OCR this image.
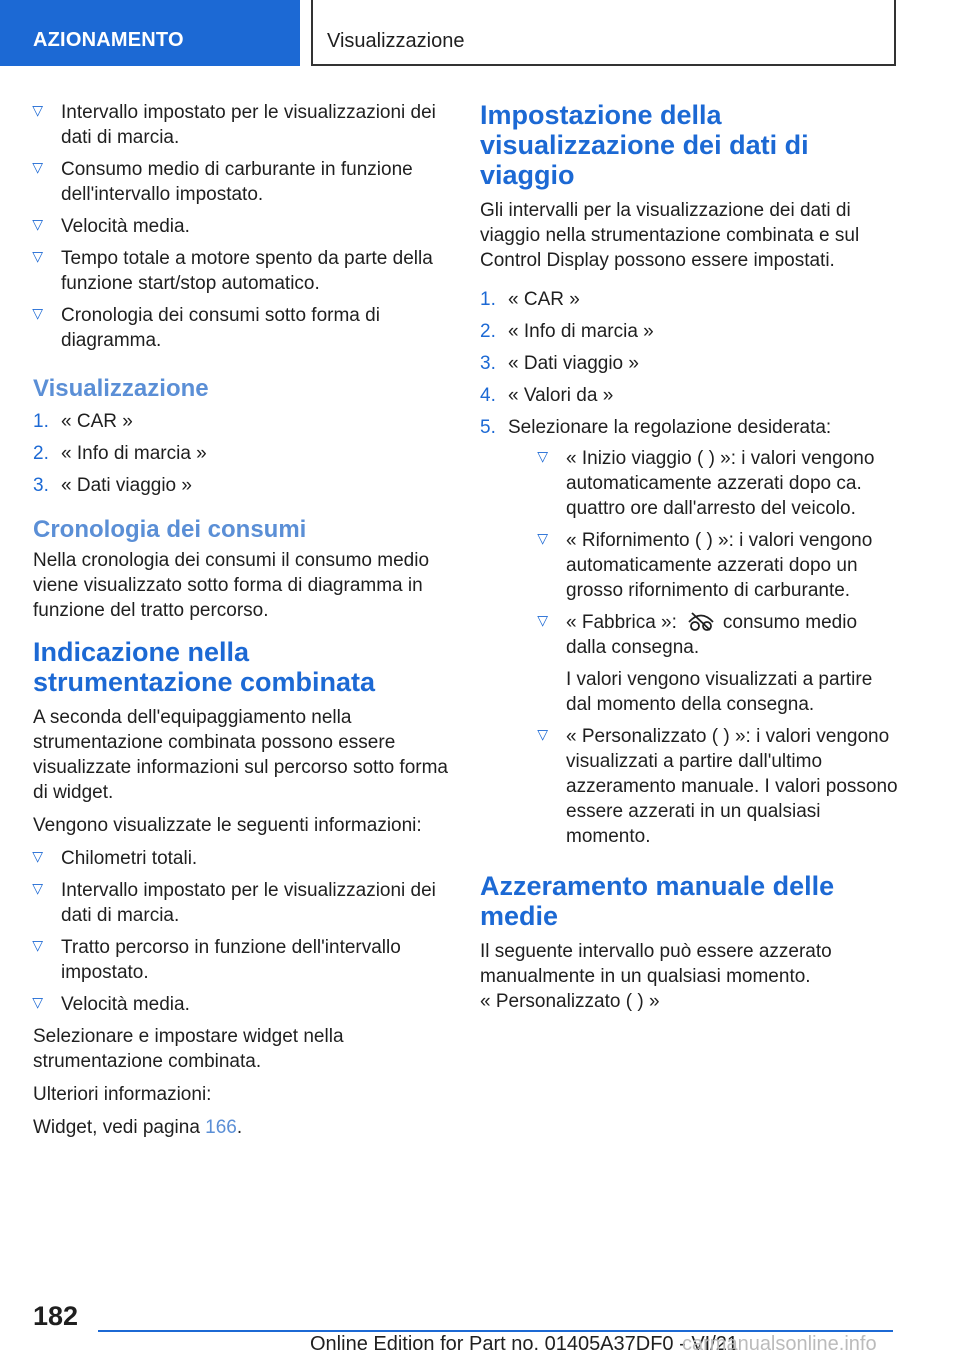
AZIONAMENTO	Visualizzazione
▷ Intervallo impostato per le visualizzazioni dei dati di marcia.
▷ Consumo medio di carburante in funzione dell'intervallo impostato.
▷ Velocità media.
▷ Tempo totale a motore spento da parte della funzione start/stop automatico.
▷ Cronologia dei consumi sotto forma di diagramma.
Visualizzazione
1. « CAR »
2. « Info di marcia »
3. « Dati viaggio »
Cronologia dei consumi

Nella cronologia dei consumi il consumo medio viene visualizzato sotto forma di diagramma in funzione del tratto percorso.

Indicazione nella strumentazione combinata

A seconda dell'equipaggiamento nella strumentazione combinata possono essere visualizzate informazioni sul percorso sotto forma di widget.

Vengono visualizzate le seguenti informazioni:

▷ Chilometri totali.
▷ Intervallo impostato per le visualizzazioni dei dati di marcia.
▷ Tratto percorso in funzione dell'intervallo impostato.
▷ Velocità media.

Selezionare e impostare widget nella strumentazione combinata.

Ulteriori informazioni:

Widget, vedi pagina 166.

Impostazione della visualizzazione dei dati di viaggio

Gli intervalli per la visualizzazione dei dati di viaggio nella strumentazione combinata e sul Control Display possono essere impostati.

1. « CAR »
2. « Info di marcia »
3. « Dati viaggio »
4. « Valori da »
5. Selezionare la regolazione desiderata:
▷ « Inizio viaggio ( ) »: i valori vengono automaticamente azzerati dopo ca. quattro ore dall'arresto del veicolo.
▷ « Rifornimento ( ) »: i valori vengono automaticamente azzerati dopo un grosso rifornimento di carburante.
▷ « Fabbrica »: consumo medio dalla consegna.

I valori vengono visualizzati a partire dal momento della consegna.

▷ « Personalizzato ( ) »: i valori vengono visualizzati a partire dall'ultimo azzeramento manuale. I valori possono essere azzerati in un qualsiasi momento.
Azzeramento manuale delle medie

Il seguente intervallo può essere azzerato manualmente in un qualsiasi momento.
« Personalizzato ( ) »

182
Online Edition for Part no. 01405A37DF0 - VI/21
carmanualsonline.info
